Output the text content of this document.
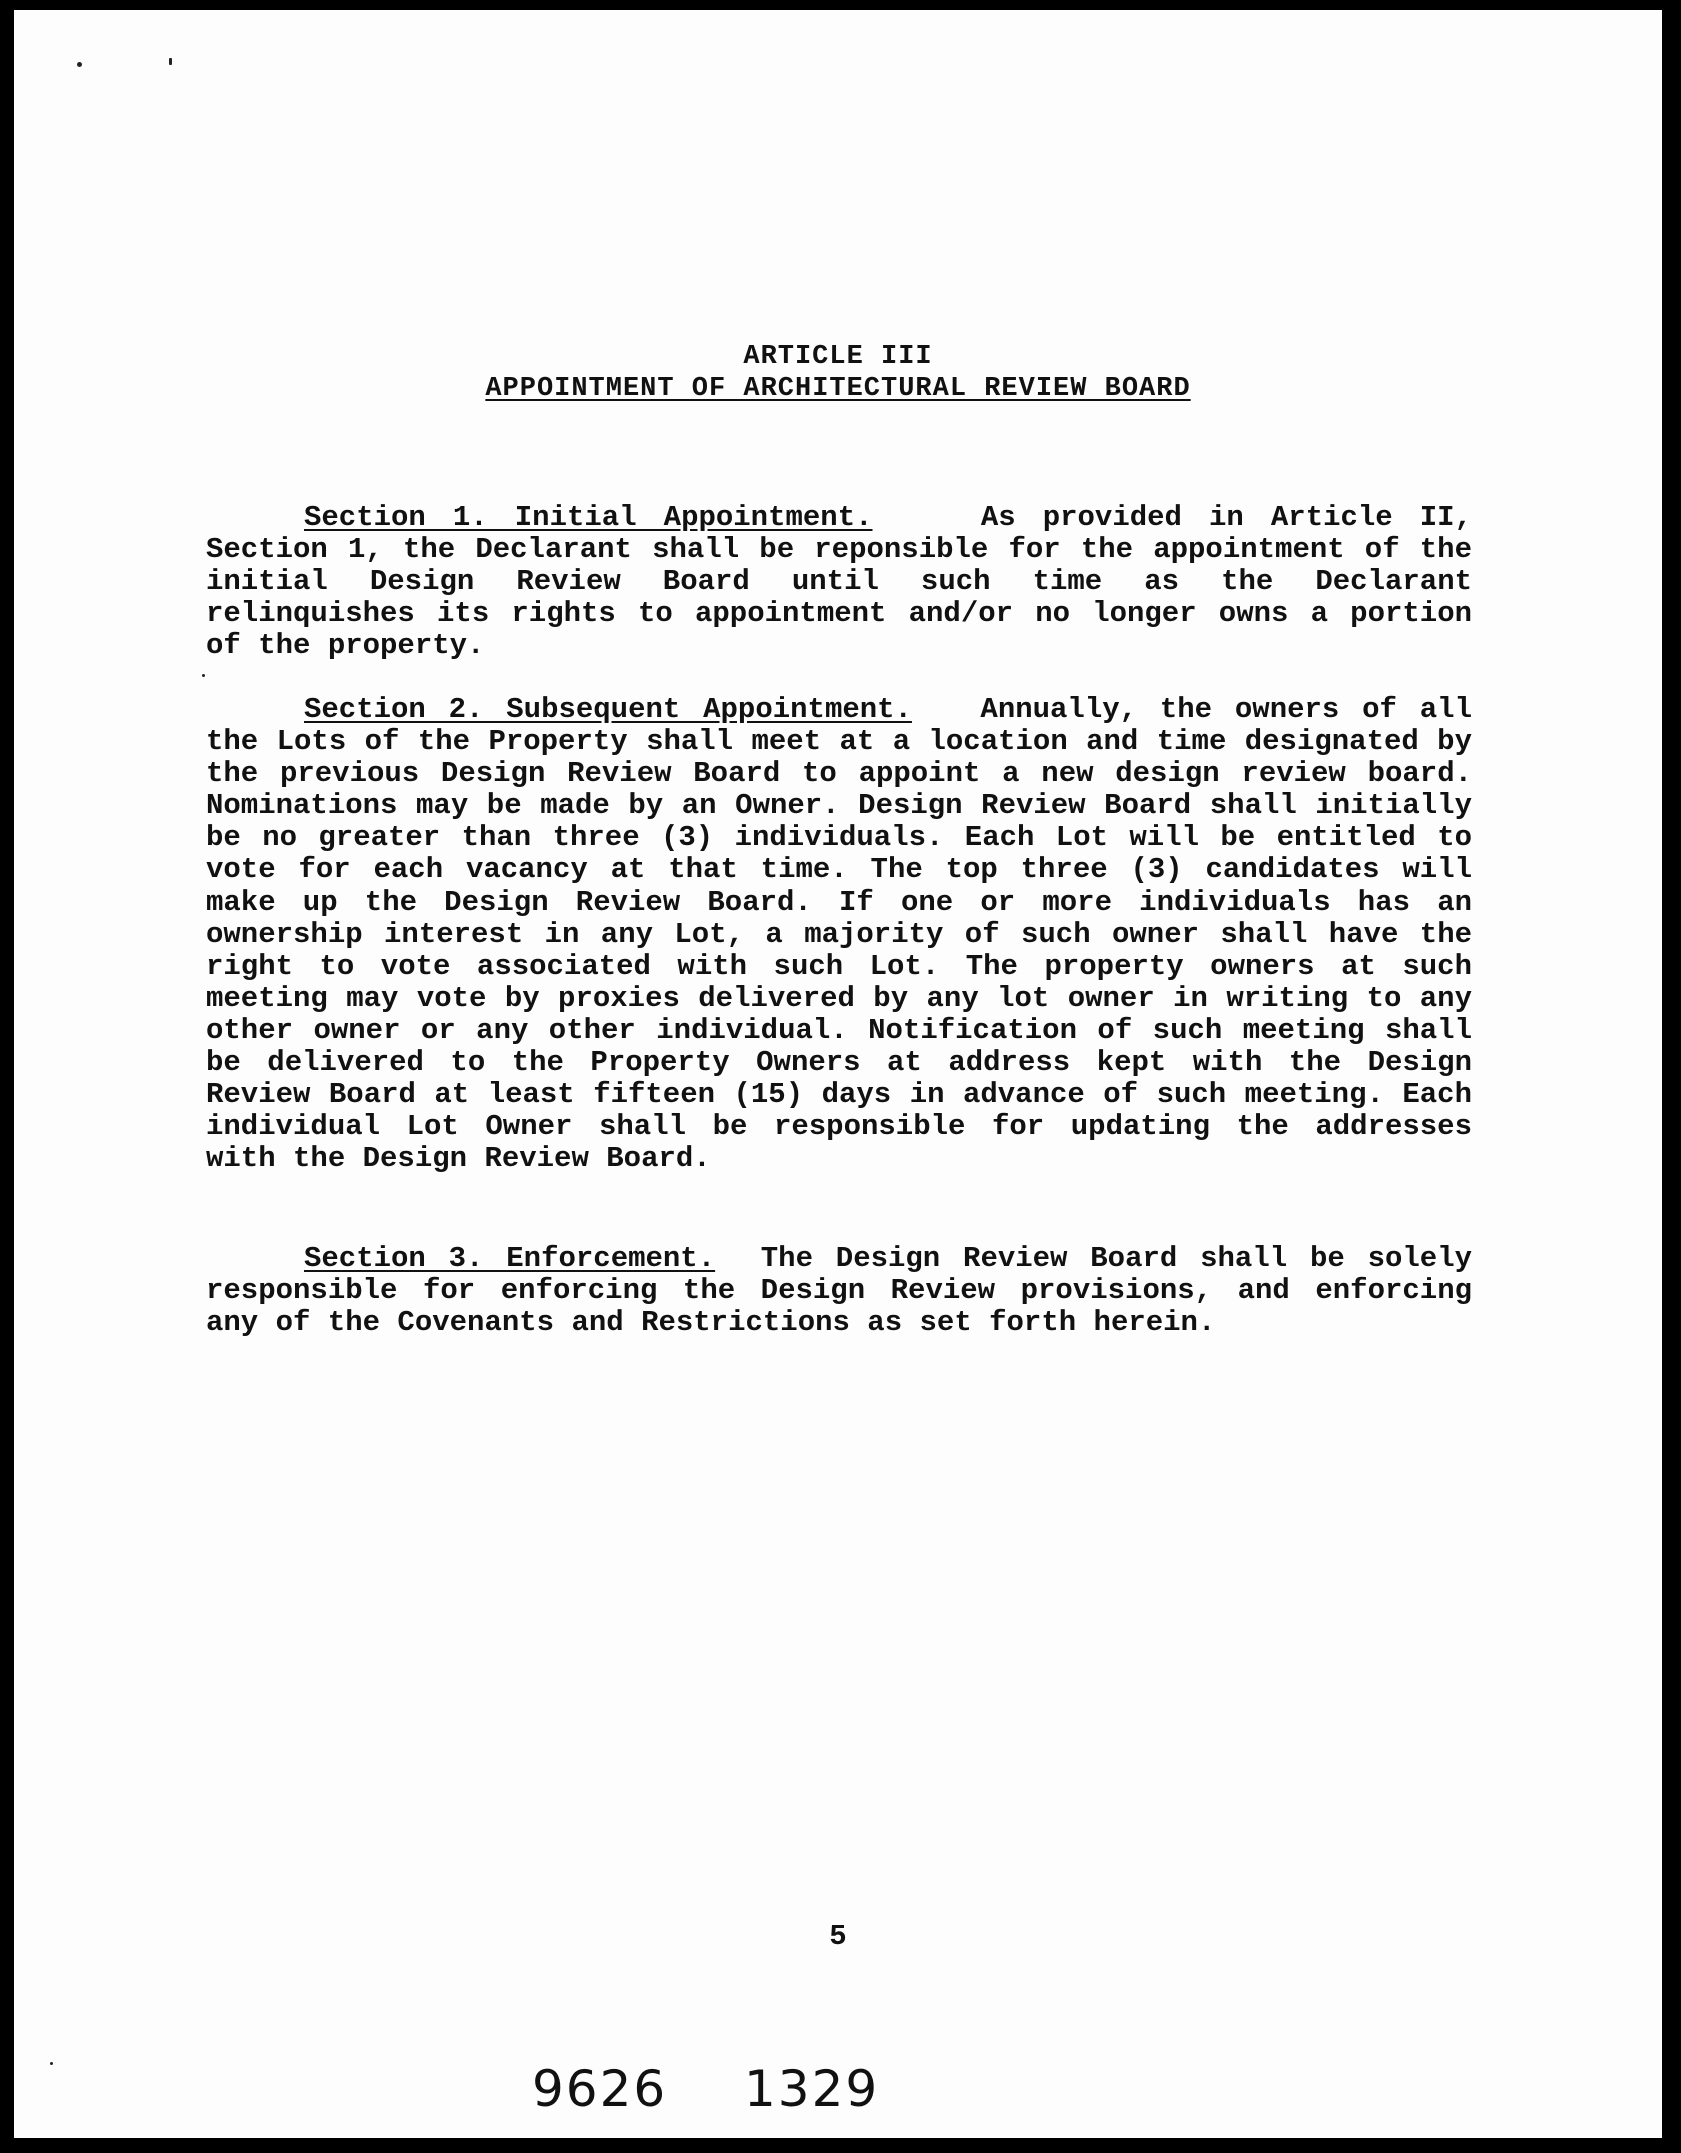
ARTICLE III
APPOINTMENT OF ARCHITECTURAL REVIEW BOARD
Section 1. Initial Appointment.	As provided in Article II, Section 1, the Declarant shall be reponsible for the appointment of the initial Design Review Board until such time as the Declarant relinquishes its rights to appointment and/or no longer owns a portion of the property.
Section 2. Subsequent Appointment. Annually, the owners of all the Lots of the Property shall meet at a location and time designated by the previous Design Review Board to appoint a new design review board. Nominations may be made by an Owner. Design Review Board shall initially be no greater than three (3) individuals. Each Lot will be entitled to vote for each vacancy at that time. The top three (3) candidates will make up the Design Review Board. If one or more individuals has an ownership interest in any Lot, a majority of such owner shall have the right to vote associated with such Lot. The property owners at such meeting may vote by proxies delivered by any lot owner in writing to any other owner or any other individual. Notification of such meeting shall be delivered to the Property Owners at address kept with the Design Review Board at least fifteen (15) days in advance of such meeting. Each individual Lot Owner shall be responsible for updating the addresses with the Design Review Board.
Section 3. Enforcement. The Design Review Board shall be solely responsible for enforcing the Design Review provisions, and enforcing any of the Covenants and Restrictions as set forth herein.
5
9626 1329
